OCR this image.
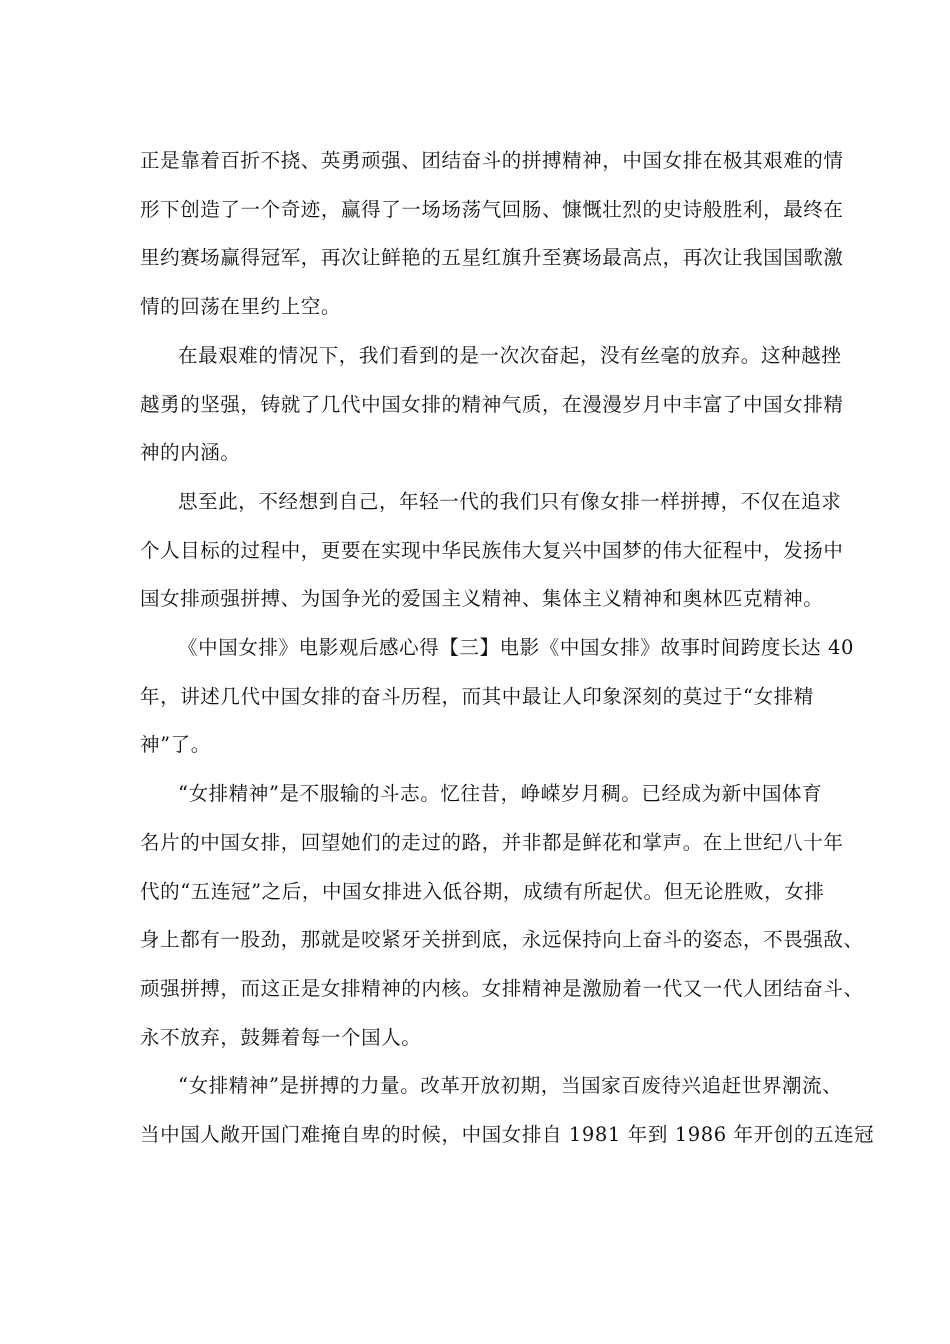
正是靠着百折不挠、英勇顽强、团结奋斗的拼搏精神，中国女排在极其艰难的情
形下创造了一个奇迹，赢得了一场场荡气回肠、慷慨壮烈的史诗般胜利，最终在
里约赛场赢得冠军，再次让鲜艳的五星红旗升至赛场最高点，再次让我国国歌激
情的回荡在里约上空。

在最艰难的情况下，我们看到的是一次次奋起，没有丝毫的放弃。这种越挫
越勇的坚强，铸就了几代中国女排的精神气质，在漫漫岁月中丰富了中国女排精
神的内涵。

思至此，不经想到自己，年轻一代的我们只有像女排一样拼搏，不仅在追求
个人目标的过程中，更要在实现中华民族伟大复兴中国梦的伟大征程中，发扬中
国女排顽强拼搏、为国争光的爱国主义精神、集体主义精神和奥林匹克精神。

《中国女排》电影观后感心得【三】电影《中国女排》故事时间跨度长达 40
年，讲述几代中国女排的奋斗历程，而其中最让人印象深刻的莫过于“女排精
神”了。

“女排精神”是不服输的斗志。忆往昔，峥嵘岁月稠。已经成为新中国体育
名片的中国女排，回望她们的走过的路，并非都是鲜花和掌声。在上世纪八十年
代的“五连冠”之后，中国女排进入低谷期，成绩有所起伏。但无论胜败，女排
身上都有一股劲，那就是咬紧牙关拼到底，永远保持向上奋斗的姿态，不畏强敌、
顽强拼搏，而这正是女排精神的内核。女排精神是激励着一代又一代人团结奋斗、
永不放弃，鼓舞着每一个国人。

“女排精神”是拼搏的力量。改革开放初期，当国家百废待兴追赶世界潮流、
当中国人敞开国门难掩自卑的时候，中国女排自 1981 年到 1986 年开创的五连冠
